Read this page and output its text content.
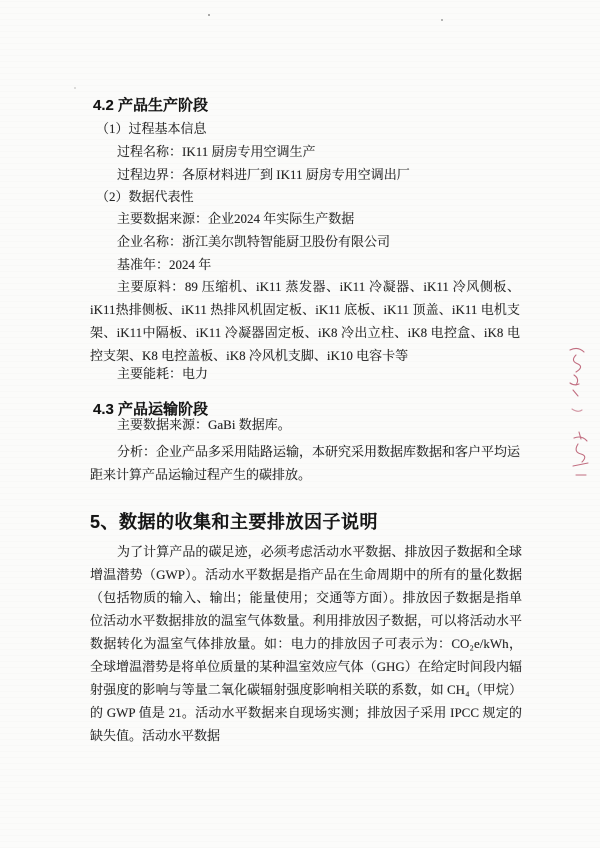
4.2 产品生产阶段
（1）过程基本信息
过程名称：IK11 厨房专用空调生产
过程边界：各原材料进厂到 IK11 厨房专用空调出厂
（2）数据代表性
主要数据来源：企业2024 年实际生产数据
企业名称：浙江美尔凯特智能厨卫股份有限公司
基准年：2024 年
主要原料：89 压缩机、iK11 蒸发器、iK11 冷凝器、iK11 冷风侧板、iK11热排侧板、iK11 热排风机固定板、iK11 底板、iK11 顶盖、iK11 电机支架、iK11中隔板、iK11 冷凝器固定板、iK8 冷出立柱、iK8 电控盒、iK8 电控支架、K8 电控盖板、iK8 冷风机支脚、iK10 电容卡等
主要能耗：电力
4.3 产品运输阶段
主要数据来源：GaBi 数据库。
分析：企业产品多采用陆路运输，本研究采用数据库数据和客户平均运距来计算产品运输过程产生的碳排放。
5、数据的收集和主要排放因子说明
为了计算产品的碳足迹，必须考虑活动水平数据、排放因子数据和全球增温潜势（GWP）。活动水平数据是指产品在生命周期中的所有的量化数据（包括物质的输入、输出；能量使用；交通等方面）。排放因子数据是指单位活动水平数据排放的温室气体数量。利用排放因子数据，可以将活动水平数据转化为温室气体排放量。如：电力的排放因子可表示为：CO₂e/kWh，全球增温潜势是将单位质量的某种温室效应气体（GHG）在给定时间段内辐射强度的影响与等量二氧化碳辐射强度影响相关联的系数，如 CH₄（甲烷）的 GWP 值是 21。活动水平数据来自现场实测；排放因子采用 IPCC 规定的缺失值。活动水平数据
